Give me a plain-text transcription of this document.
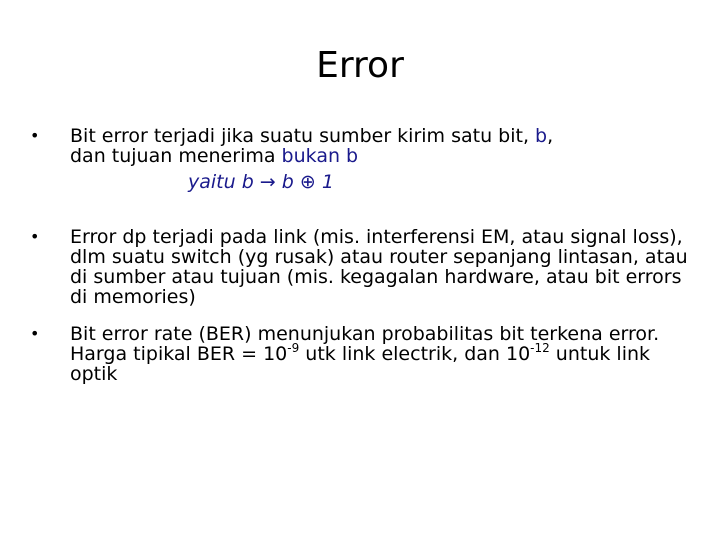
Error
•	Bit error terjadi jika suatu sumber kirim satu bit, b,
dan tujuan menerima bukan b
yaitu b → b ⊕ 1
•	Error dp terjadi pada link (mis. interferensi EM, atau signal loss), dlm suatu switch (yg rusak) atau router sepanjang lintasan, atau di sumber atau tujuan (mis. kegagalan hardware, atau bit errors di memories)
•	Bit error rate (BER) menunjukan probabilitas bit terkena error. Harga tipikal BER = $10^{-9}$ utk link electrik, dan $10^{-12}$ untuk link optik
